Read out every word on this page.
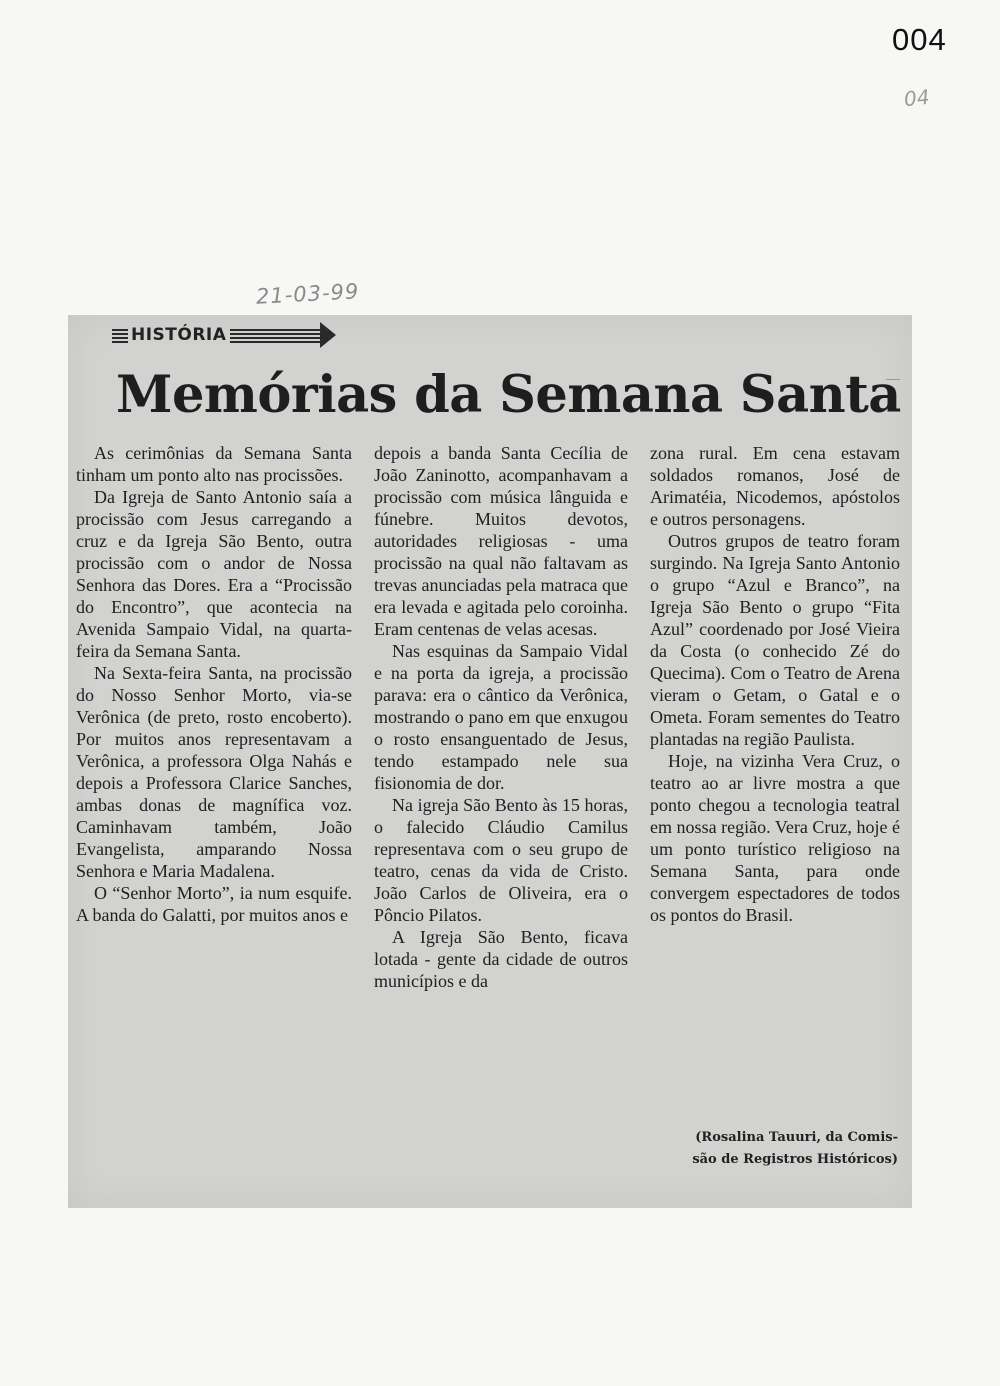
004
04
21-03-99
HISTÓRIA
Memórias da Semana Santa

As cerimônias da Semana Santa tinham um ponto alto nas procissões.

Da Igreja de Santo Antonio saía a procissão com Jesus carregando a cruz e da Igreja São Bento, outra procissão com o andor de Nossa Senhora das Dores. Era a “Procissão do Encontro”, que acontecia na Avenida Sampaio Vidal, na quarta-feira da Semana Santa.

Na Sexta-feira Santa, na procissão do Nosso Senhor Morto, via-se Verônica (de preto, rosto encoberto). Por muitos anos representavam a Verônica, a professora Olga Nahás e depois a Professora Clarice Sanches, ambas donas de magnífica voz. Caminhavam também, João Evangelista, amparando Nossa Senhora e Maria Madalena.

O “Senhor Morto”, ia num esquife. A banda do Galatti, por muitos anos e

depois a banda Santa Cecília de João Zaninotto, acompanhavam a procissão com música lânguida e fúnebre. Muitos devotos, autoridades religiosas - uma procissão na qual não faltavam as trevas anunciadas pela matraca que era levada e agitada pelo coroinha. Eram centenas de velas acesas.

Nas esquinas da Sampaio Vidal e na porta da igreja, a procissão parava: era o cântico da Verônica, mostrando o pano em que enxugou o rosto ensanguentado de Jesus, tendo estampado nele sua fisionomia de dor.

Na igreja São Bento às 15 horas, o falecido Cláudio Camilus representava com o seu grupo de teatro, cenas da vida de Cristo. João Carlos de Oliveira, era o Pôncio Pilatos.

A Igreja São Bento, ficava lotada - gente da cidade de outros municípios e da

zona rural. Em cena estavam soldados romanos, José de Arimatéia, Nicodemos, apóstolos e outros personagens.

Outros grupos de teatro foram surgindo. Na Igreja Santo Antonio o grupo “Azul e Branco”, na Igreja São Bento o grupo “Fita Azul” coordenado por José Vieira da Costa (o conhecido Zé do Quecima). Com o Teatro de Arena vieram o Getam, o Gatal e o Ometa. Foram sementes do Teatro plantadas na região Paulista.

Hoje, na vizinha Vera Cruz, o teatro ao ar livre mostra a que ponto chegou a tecnologia teatral em nossa região. Vera Cruz, hoje é um ponto turístico religioso na Semana Santa, para onde convergem espectadores de todos os pontos do Brasil.

(Rosalina Tauuri, da Comis-
são de Registros Históricos)
